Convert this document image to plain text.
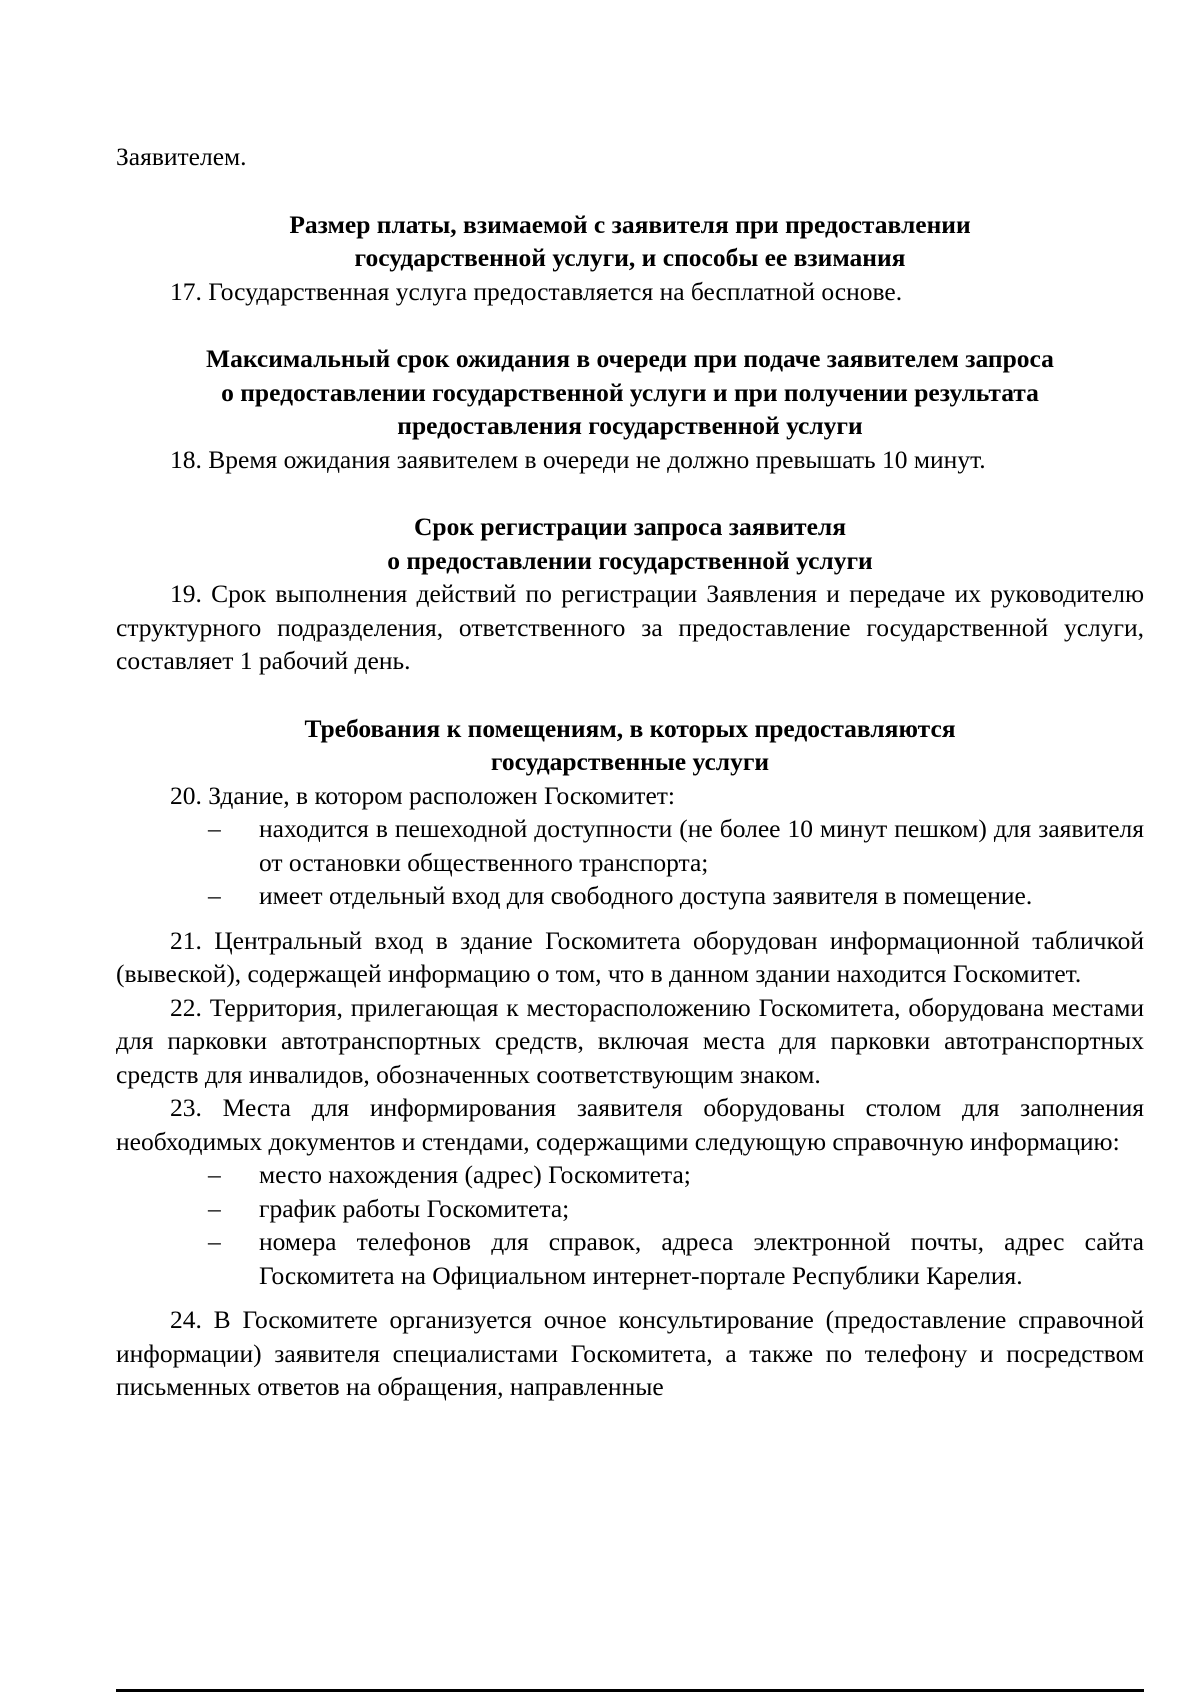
Заявителем.

Размер платы, взимаемой с заявителя при предоставлении
государственной услуги, и способы ее взимания

17. Государственная услуга предоставляется на бесплатной основе.

Максимальный срок ожидания в очереди при подаче заявителем запроса
о предоставлении государственной услуги и при получении результата
предоставления государственной услуги

18. Время ожидания заявителем в очереди не должно превышать 10 минут.

Срок регистрации запроса заявителя
о предоставлении государственной услуги

19. Срок выполнения действий по регистрации Заявления и передаче их руководителю структурного подразделения, ответственного за предоставление государственной услуги, составляет 1 рабочий день.

Требования к помещениям, в которых предоставляются
государственные услуги

20. Здание, в котором расположен Госкомитет:

– находится в пешеходной доступности (не более 10 минут пешком) для заявителя от остановки общественного транспорта;
– имеет отдельный вход для свободного доступа заявителя в помещение.

21. Центральный вход в здание Госкомитета оборудован информационной табличкой (вывеской), содержащей информацию о том, что в данном здании находится Госкомитет.

22. Территория, прилегающая к месторасположению Госкомитета, оборудована местами для парковки автотранспортных средств, включая места для парковки автотранспортных средств для инвалидов, обозначенных соответствующим знаком.

23. Места для информирования заявителя оборудованы столом для заполнения необходимых документов и стендами, содержащими следующую справочную информацию:

– место нахождения (адрес) Госкомитета;
– график работы Госкомитета;
– номера телефонов для справок, адреса электронной почты, адрес сайта Госкомитета на Официальном интернет-портале Республики Карелия.

24. В Госкомитете организуется очное консультирование (предоставление справочной информации) заявителя специалистами Госкомитета, а также по телефону и посредством письменных ответов на обращения, направленные
